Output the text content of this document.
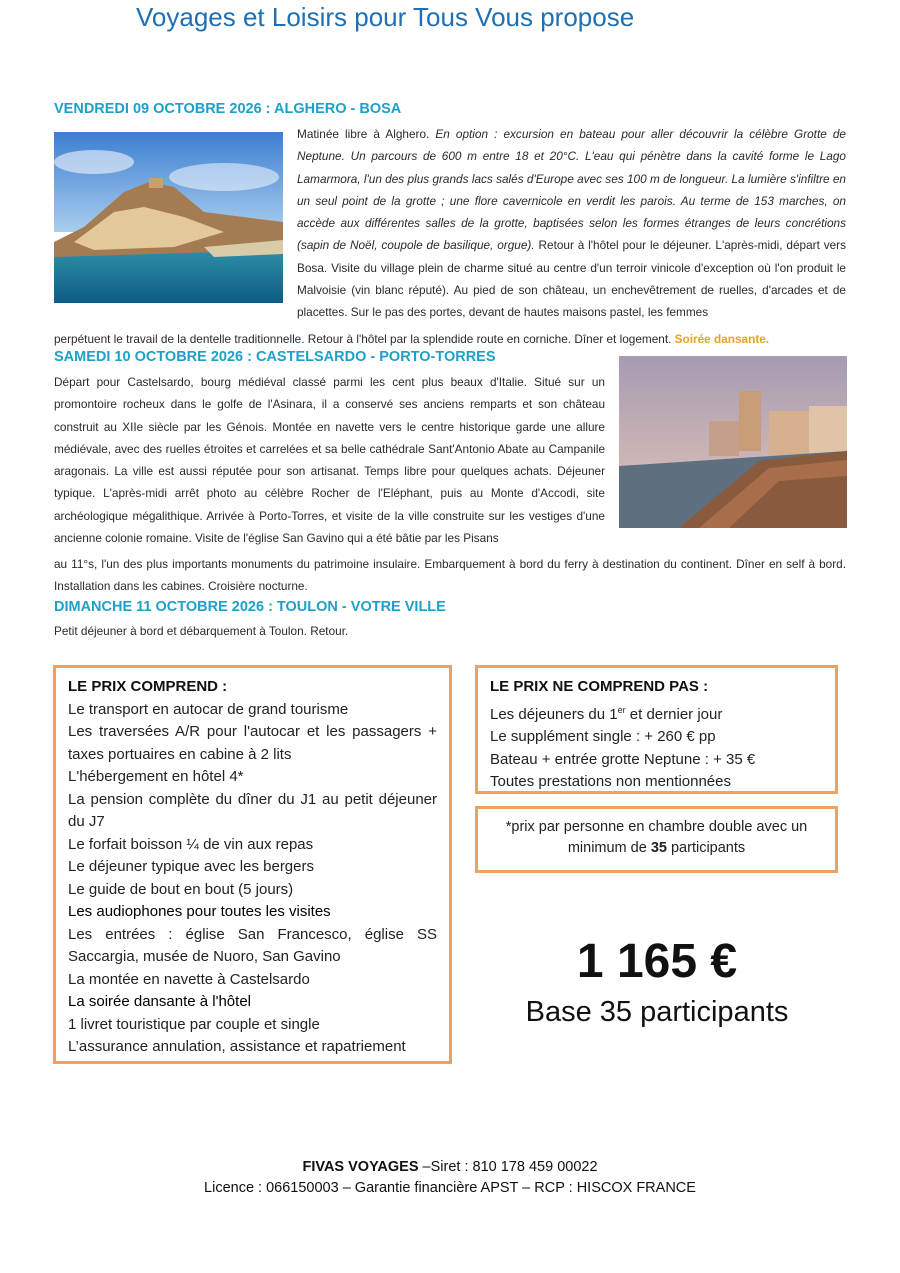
Voyages et Loisirs pour Tous Vous propose
VENDREDI 09 OCTOBRE 2026 : ALGHERO - BOSA
Matinée libre à Alghero. En option : excursion en bateau pour aller découvrir la célèbre Grotte de Neptune. Un parcours de 600 m entre 18 et 20°C. L'eau qui pénètre dans la cavité forme le Lago Lamarmora, l'un des plus grands lacs salés d'Europe avec ses 100 m de longueur. La lumière s'infiltre en un seul point de la grotte ; une flore cavernicole en verdit les parois. Au terme de 153 marches, on accède aux différentes salles de la grotte, baptisées selon les formes étranges de leurs concrétions (sapin de Noël, coupole de basilique, orgue). Retour à l'hôtel pour le déjeuner. L'après-midi, départ vers Bosa. Visite du village plein de charme situé au centre d'un terroir vinicole d'exception où l'on produit le Malvoisie (vin blanc réputé). Au pied de son château, un enchevêtrement de ruelles, d'arcades et de placettes. Sur le pas des portes, devant de hautes maisons pastel, les femmes
perpétuent le travail de la dentelle traditionnelle. Retour à l'hôtel par la splendide route en corniche. Dîner et logement. Soirée dansante.
SAMEDI 10 OCTOBRE 2026 : CASTELSARDO - PORTO-TORRES
Départ pour Castelsardo, bourg médiéval classé parmi les cent plus beaux d'Italie. Situé sur un promontoire rocheux dans le golfe de l'Asinara, il a conservé ses anciens remparts et son château construit au XIIe siècle par les Génois. Montée en navette vers le centre historique garde une allure médiévale, avec des ruelles étroites et carrelées et sa belle cathédrale Sant'Antonio Abate au Campanile aragonais. La ville est aussi réputée pour son artisanat. Temps libre pour quelques achats. Déjeuner typique. L'après-midi arrêt photo au célèbre Rocher de l'Eléphant, puis au Monte d'Accodi, site archéologique mégalithique. Arrivée à Porto-Torres, et visite de la ville construite sur les vestiges d'une ancienne colonie romaine. Visite de l'église San Gavino qui a été bâtie par les Pisans
au 11°s, l'un des plus importants monuments du patrimoine insulaire. Embarquement à bord du ferry à destination du continent. Dîner en self à bord. Installation dans les cabines. Croisière nocturne.
DIMANCHE 11 OCTOBRE 2026 : TOULON - VOTRE VILLE
Petit déjeuner à bord et débarquement à Toulon. Retour.
LE PRIX COMPREND :
Le transport en autocar de grand tourisme
Les traversées A/R pour l'autocar et les passagers + taxes portuaires en cabine à 2 lits
L'hébergement en hôtel 4*
La pension complète du dîner du J1 au petit déjeuner du J7
Le forfait boisson ¼ de vin aux repas
Le déjeuner typique avec les bergers
Le guide de bout en bout (5 jours)
Les audiophones pour toutes les visites
Les entrées : église San Francesco, église SS Saccargia, musée de Nuoro, San Gavino
La montée en navette à Castelsardo
La soirée dansante à l'hôtel
1 livret touristique par couple et single
L’assurance annulation, assistance et rapatriement
LE PRIX NE COMPREND PAS :
Les déjeuners du 1er et dernier jour
Le supplément single : + 260 € pp
Bateau + entrée grotte Neptune : + 35 €
Toutes prestations non mentionnées
*prix par personne en chambre double avec un
minimum de 35 participants
1 165 €
Base 35 participants
FIVAS VOYAGES –Siret : 810 178 459 00022
Licence : 066150003 – Garantie financière APST – RCP : HISCOX FRANCE
